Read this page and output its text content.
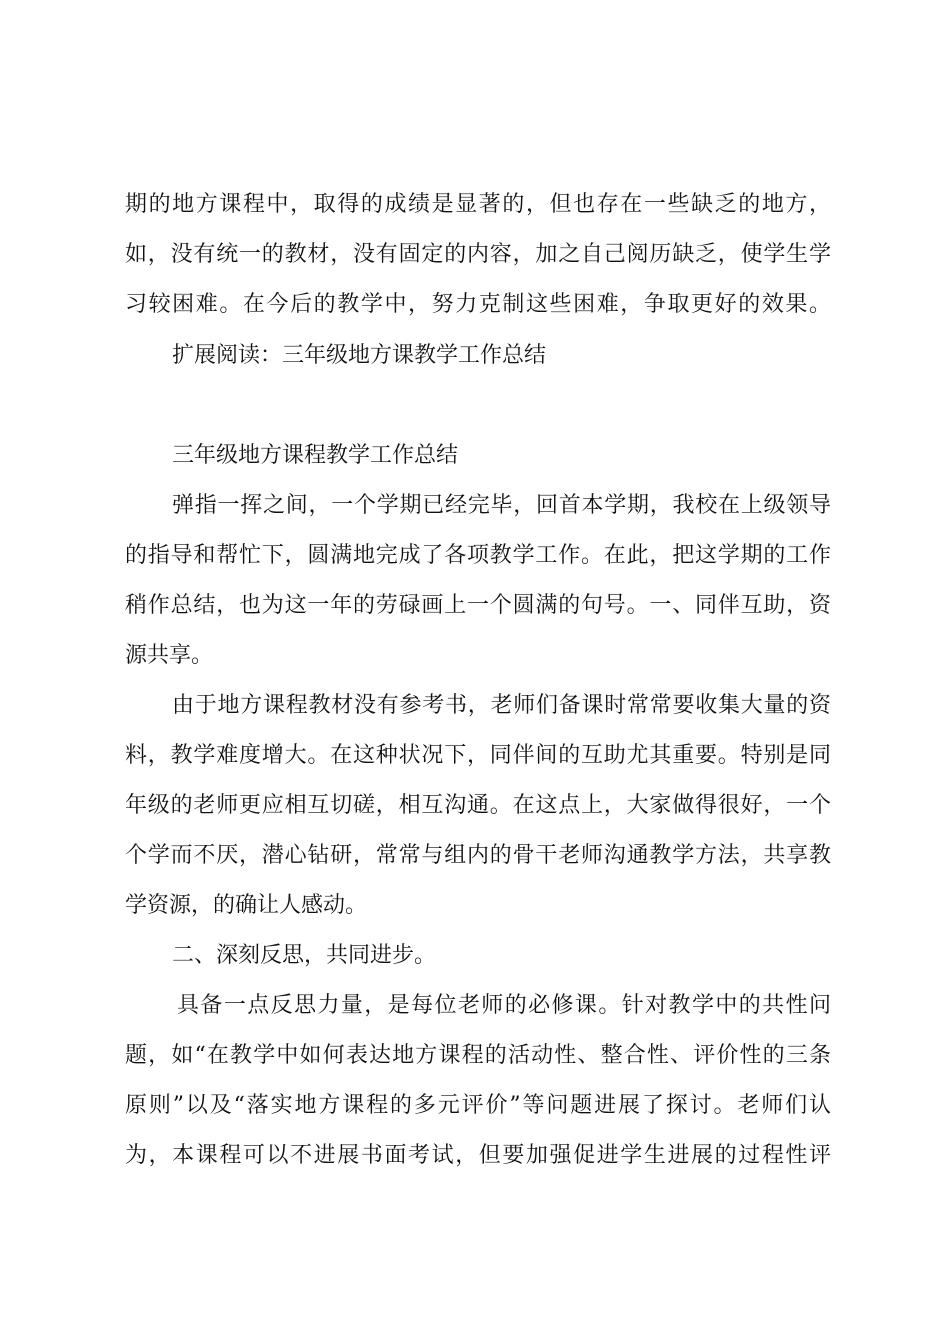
期的地方课程中，取得的成绩是显著的，但也存在一些缺乏的地方，
如，没有统一的教材，没有固定的内容，加之自己阅历缺乏，使学生学
习较困难。在今后的教学中，努力克制这些困难，争取更好的效果。
扩展阅读：三年级地方课教学工作总结
三年级地方课程教学工作总结
弹指一挥之间，一个学期已经完毕，回首本学期，我校在上级领导
的指导和帮忙下，圆满地完成了各项教学工作。在此，把这学期的工作
稍作总结，也为这一年的劳碌画上一个圆满的句号。一、同伴互助，资
源共享。
由于地方课程教材没有参考书，老师们备课时常常要收集大量的资
料，教学难度增大。在这种状况下，同伴间的互助尤其重要。特别是同
年级的老师更应相互切磋，相互沟通。在这点上，大家做得很好，一个
个学而不厌，潜心钻研，常常与组内的骨干老师沟通教学方法，共享教
学资源，的确让人感动。
二、深刻反思，共同进步。
具备一点反思力量，是每位老师的必修课。针对教学中的共性问
题，如“在教学中如何表达地方课程的活动性、整合性、评价性的三条
原则”以及“落实地方课程的多元评价”等问题进展了探讨。老师们认
为，本课程可以不进展书面考试，但要加强促进学生进展的过程性评
